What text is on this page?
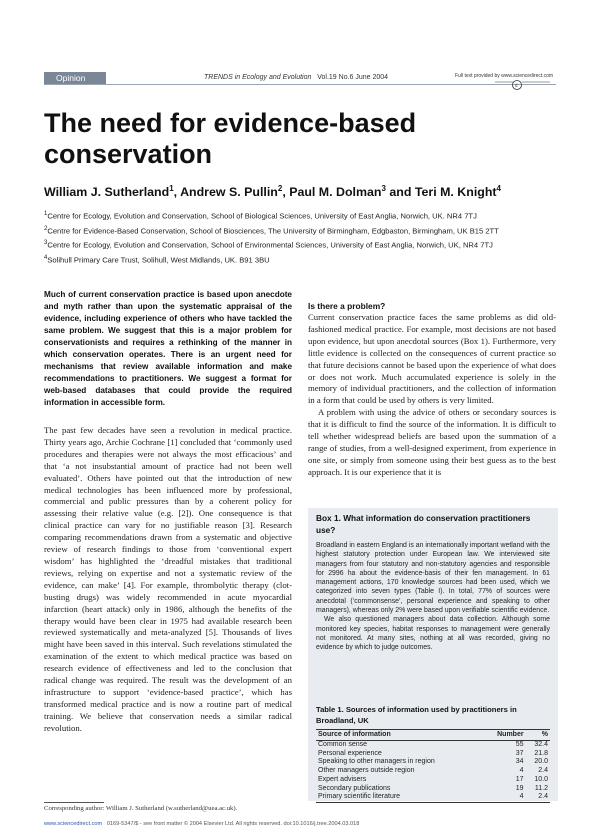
Opinion	TRENDS in Ecology and Evolution Vol.19 No.6 June 2004	Full text provided by www.sciencedirect.com
d
The need for evidence-based conservation
William J. Sutherland$^1$, Andrew S. Pullin$^2$, Paul M. Dolman$^3$ and Teri M. Knight$^4$

$^1$Centre for Ecology, Evolution and Conservation, School of Biological Sciences, University of East Anglia, Norwich, UK. NR4 7TJ

$^2$Centre for Evidence-Based Conservation, School of Biosciences, The University of Birmingham, Edgbaston, Birmingham, UK B15 2TT

$^3$Centre for Ecology, Evolution and Conservation, School of Environmental Sciences, University of East Anglia, Norwich, UK, NR4 7TJ

$^4$Solihull Primary Care Trust, Solihull, West Midlands, UK. B91 3BU

Much of current conservation practice is based upon anecdote and myth rather than upon the systematic appraisal of the evidence, including experience of others who have tackled the same problem. We suggest that this is a major problem for conservationists and requires a rethinking of the manner in which conservation operates. There is an urgent need for mechanisms that review available information and make recommendations to practitioners. We suggest a format for web-based databases that could provide the required information in accessible form.

The past few decades have seen a revolution in medical practice. Thirty years ago, Archie Cochrane [1] concluded that ‘commonly used procedures and therapies were not always the most efficacious’ and that ‘a not insubstantial amount of practice had not been well evaluated’. Others have pointed out that the introduction of new medical technologies has been influenced more by professional, commercial and public pressures than by a coherent policy for assessing their relative value (e.g. [2]). One consequence is that clinical practice can vary for no justifiable reason [3]. Research comparing recommendations drawn from a systematic and objective review of research findings to those from ‘conventional expert wisdom’ has highlighted the ‘dreadful mistakes that traditional reviews, relying on expertise and not a systematic review of the evidence, can make’ [4]. For example, thrombolytic therapy (clot-busting drugs) was widely recommended in acute myocardial infarction (heart attack) only in 1986, although the benefits of the therapy would have been clear in 1975 had available research been reviewed systematically and meta-analyzed [5]. Thousands of lives might have been saved in this interval. Such revelations stimulated the examination of the extent to which medical practice was based on research evidence of effectiveness and led to the conclusion that radical change was required. The result was the development of an infrastructure to support ‘evidence-based practice’, which has transformed medical practice and is now a routine part of medical training. We believe that conservation needs a similar radical revolution.

Is there a problem?

Current conservation practice faces the same problems as did old-fashioned medical practice. For example, most decisions are not based upon evidence, but upon anecdotal sources (Box 1). Furthermore, very little evidence is collected on the consequences of current practice so that future decisions cannot be based upon the experience of what does or does not work. Much accumulated experience is solely in the memory of individual practitioners, and the collection of information in a form that could be used by others is very limited.

A problem with using the advice of others or secondary sources is that it is difficult to find the source of the information. It is difficult to tell whether widespread beliefs are based upon the summation of a range of studies, from a well-designed experiment, from experience in one site, or simply from someone using their best guess as to the best approach. It is our experience that it is

Box 1. What information do conservation practitioners use?

Broadland in eastern England is an internationally important wetland with the highest statutory protection under European law. We interviewed site managers from four statutory and non-statutory agencies and responsible for 2996 ha about the evidence-basis of their fen management. In 61 management actions, 170 knowledge sources had been used, which we categorized into seven types (Table I). In total, 77% of sources were anecdotal (‘commonsense’, personal experience and speaking to other managers), whereas only 2% were based upon verifiable scientific evidence.

We also questioned managers about data collection. Although some monitored key species, habitat responses to management were generally not monitored. At many sites, nothing at all was recorded, giving no evidence by which to judge outcomes.

Table 1. Sources of information used by practitioners in Broadland, UK
Source of information	Number	%
Common sense	55	32.4
Personal experience	37	21.8
Speaking to other managers in region	34	20.0
Other managers outside region	4	2.4
Expert advisers	17	10.0
Secondary publications	19	11.2
Primary scientific literature	4	2.4
Corresponding author: William J. Sutherland (w.sutherland@uea.ac.uk).
www.sciencedirect.com 0169-5347/$ - see front matter © 2004 Elsevier Ltd. All rights reserved. doi:10.1016/j.tree.2004.03.018
